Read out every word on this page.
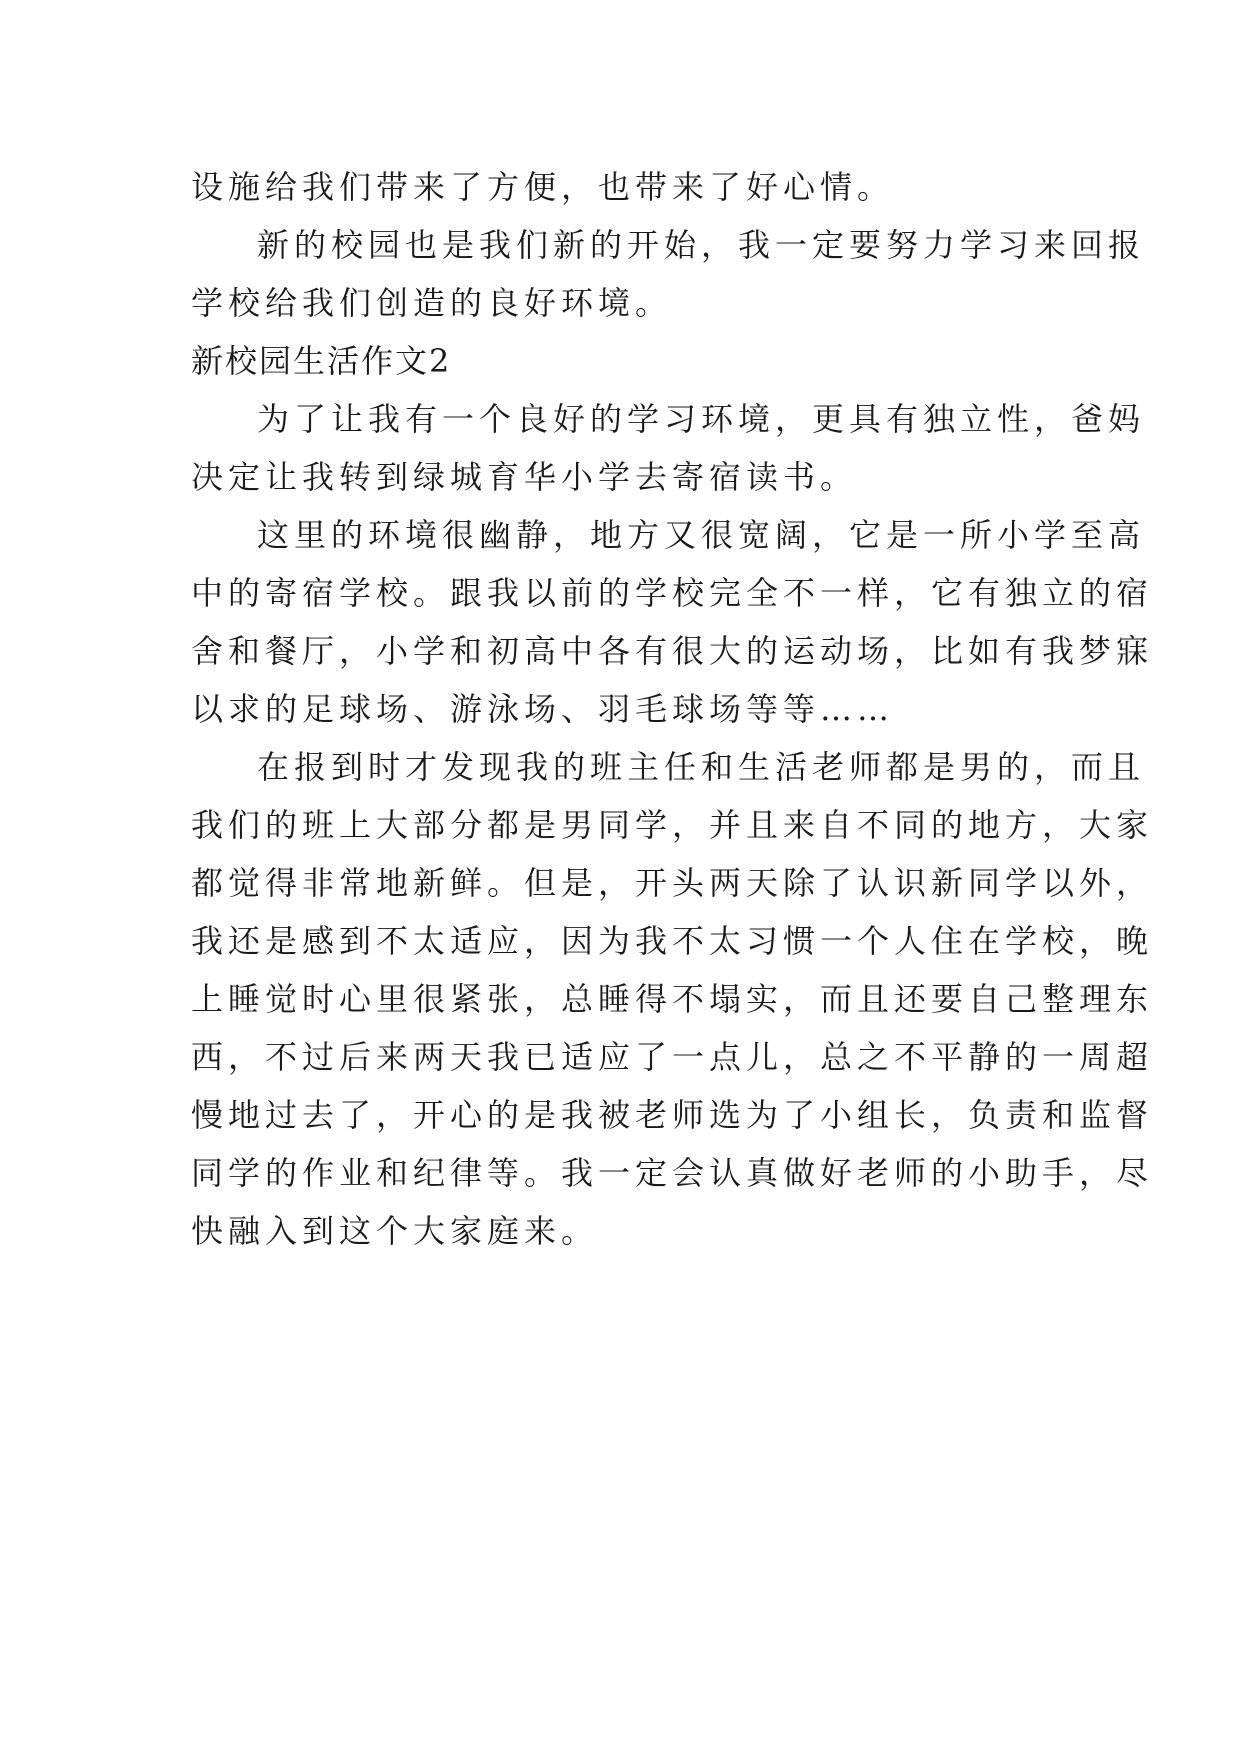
设施给我们带来了方便，也带来了好心情。
新的校园也是我们新的开始，我一定要努力学习来回报
学校给我们创造的良好环境。
新校园生活作文2
为了让我有一个良好的学习环境，更具有独立性，爸妈
决定让我转到绿城育华小学去寄宿读书。
这里的环境很幽静，地方又很宽阔，它是一所小学至高
中的寄宿学校。跟我以前的学校完全不一样，它有独立的宿
舍和餐厅，小学和初高中各有很大的运动场，比如有我梦寐
以求的足球场、游泳场、羽毛球场等等……
在报到时才发现我的班主任和生活老师都是男的，而且
我们的班上大部分都是男同学，并且来自不同的地方，大家
都觉得非常地新鲜。但是，开头两天除了认识新同学以外，
我还是感到不太适应，因为我不太习惯一个人住在学校，晚
上睡觉时心里很紧张，总睡得不塌实，而且还要自己整理东
西，不过后来两天我已适应了一点儿，总之不平静的一周超
慢地过去了，开心的是我被老师选为了小组长，负责和监督
同学的作业和纪律等。我一定会认真做好老师的小助手，尽
快融入到这个大家庭来。
